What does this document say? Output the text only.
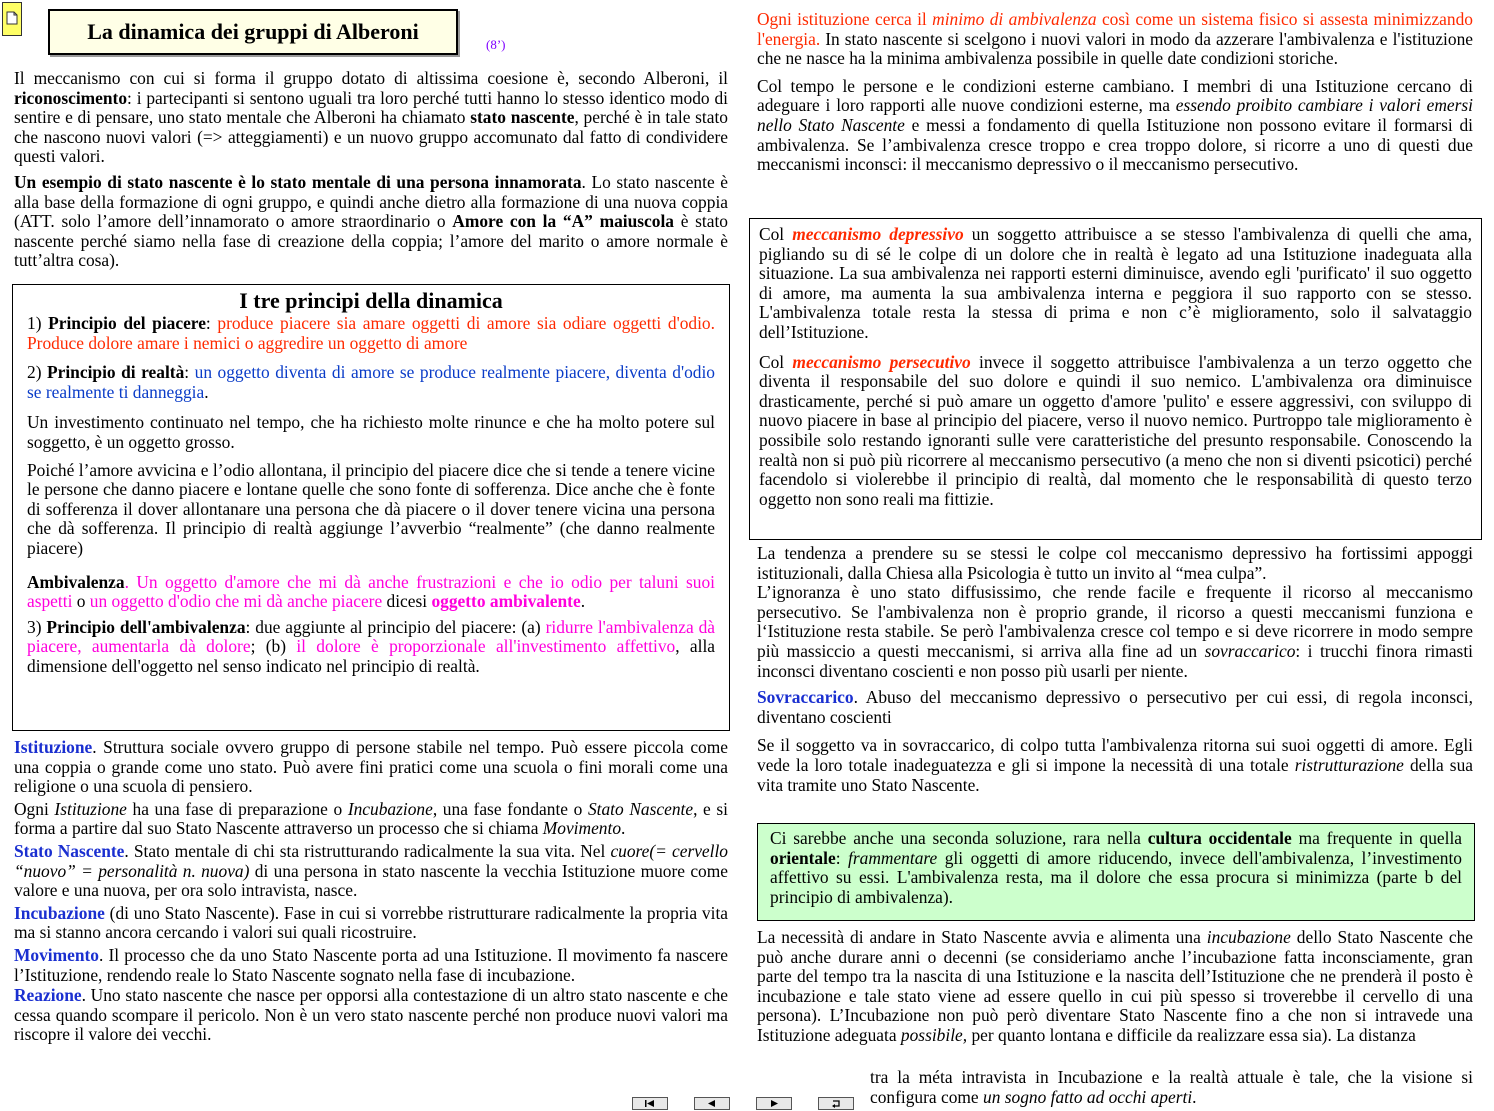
La dinamica dei gruppi di Alberoni
(8’)

Il meccanismo con cui si forma il gruppo dotato di altissima coesione è, secondo Alberoni, il riconoscimento: i partecipanti si sentono uguali tra loro perché tutti hanno lo stesso identico modo di sentire e di pensare, uno stato mentale che Alberoni ha chiamato stato nascente, perché è in tale stato che nascono nuovi valori (=> atteggiamenti) e un nuovo gruppo accomunato dal fatto di condividere questi valori.

Un esempio di stato nascente è lo stato mentale di una persona innamorata. Lo stato nascente è alla base della formazione di ogni gruppo, e quindi anche dietro alla formazione di una nuova coppia (ATT. solo l’amore dell’innamorato o amore straordinario o Amore con la “A” maiuscola è stato nascente perché siamo nella fase di creazione della coppia; l’amore del marito o amore normale è tutt’altra cosa).

I tre principi della dinamica

1) Principio del piacere: produce piacere sia amare oggetti di amore sia odiare oggetti d'odio. Produce dolore amare i nemici o aggredire un oggetto di amore

2) Principio di realtà: un oggetto diventa di amore se produce realmente piacere, diventa d'odio se realmente ti danneggia.

Un investimento continuato nel tempo, che ha richiesto molte rinunce e che ha molto potere sul soggetto, è un oggetto grosso.

Poiché l’amore avvicina e l’odio allontana, il principio del piacere dice che si tende a tenere vicine le persone che danno piacere e lontane quelle che sono fonte di sofferenza. Dice anche che è fonte di sofferenza il dover allontanare una persona che dà piacere o il dover tenere vicina una persona che dà sofferenza. Il principio di realtà aggiunge l’avverbio “realmente” (che danno realmente piacere)

Ambivalenza. Un oggetto d'amore che mi dà anche frustrazioni e che io odio per taluni suoi aspetti o un oggetto d'odio che mi dà anche piacere dicesi oggetto ambivalente.

3) Principio dell'ambivalenza: due aggiunte al principio del piacere: (a) ridurre l'ambivalenza dà piacere, aumentarla dà dolore; (b) il dolore è proporzionale all'investimento affettivo, alla dimensione dell'oggetto nel senso indicato nel principio di realtà.

Istituzione. Struttura sociale ovvero gruppo di persone stabile nel tempo. Può essere piccola come una coppia o grande come uno stato. Può avere fini pratici come una scuola o fini morali come una religione o una scuola di pensiero.

Ogni Istituzione ha una fase di preparazione o Incubazione, una fase fondante o Stato Nascente, e si forma a partire dal suo Stato Nascente attraverso un processo che si chiama Movimento.

Stato Nascente. Stato mentale di chi sta ristrutturando radicalmente la sua vita. Nel cuore(= cervello “nuovo” = personalità n. nuova) di una persona in stato nascente la vecchia Istituzione muore come valore e una nuova, per ora solo intravista, nasce.

Incubazione (di uno Stato Nascente). Fase in cui si vorrebbe ristrutturare radicalmente la propria vita ma si stanno ancora cercando i valori sui quali ricostruire.

Movimento. Il processo che da uno Stato Nascente porta ad una Istituzione. Il movimento fa nascere l’Istituzione, rendendo reale lo Stato Nascente sognato nella fase di incubazione.

Reazione. Uno stato nascente che nasce per opporsi alla contestazione di un altro stato nascente e che cessa quando scompare il pericolo. Non è un vero stato nascente perché non produce nuovi valori ma riscopre il valore dei vecchi.

Ogni istituzione cerca il minimo di ambivalenza così come un sistema fisico si assesta minimizzando l'energia. In stato nascente si scelgono i nuovi valori in modo da azzerare l'ambivalenza e l'istituzione che ne nasce ha la minima ambivalenza possibile in quelle date condizioni storiche.

Col tempo le persone e le condizioni esterne cambiano. I membri di una Istituzione cercano di adeguare i loro rapporti alle nuove condizioni esterne, ma essendo proibito cambiare i valori emersi nello Stato Nascente e messi a fondamento di quella Istituzione non possono evitare il formarsi di ambivalenza. Se l’ambivalenza cresce troppo e crea troppo dolore, si ricorre a uno di questi due meccanismi inconsci: il meccanismo depressivo o il meccanismo persecutivo.

Col meccanismo depressivo un soggetto attribuisce a se stesso l'ambivalenza di quelli che ama, pigliando su di sé le colpe di un dolore che in realtà è legato ad una Istituzione inadeguata alla situazione. La sua ambivalenza nei rapporti esterni diminuisce, avendo egli 'purificato' il suo oggetto di amore, ma aumenta la sua ambivalenza interna e peggiora il suo rapporto con se stesso. L'ambivalenza totale resta la stessa di prima e non c’è miglioramento, solo il salvataggio dell’Istituzione.

Col meccanismo persecutivo invece il soggetto attribuisce l'ambivalenza a un terzo oggetto che diventa il responsabile del suo dolore e quindi il suo nemico. L'ambivalenza ora diminuisce drasticamente, perché si può amare un oggetto d'amore 'pulito' e essere aggressivi, con sviluppo di nuovo piacere in base al principio del piacere, verso il nuovo nemico. Purtroppo tale miglioramento è possibile solo restando ignoranti sulle vere caratteristiche del presunto responsabile. Conoscendo la realtà non si può più ricorrere al meccanismo persecutivo (a meno che non si diventi psicotici) perché facendolo si violerebbe il principio di realtà, dal momento che le responsabilità di questo terzo oggetto non sono reali ma fittizie.

La tendenza a prendere su se stessi le colpe col meccanismo depressivo ha fortissimi appoggi istituzionali, dalla Chiesa alla Psicologia è tutto un invito al “mea culpa”.

L’ignoranza è uno stato diffusissimo, che rende facile e frequente il ricorso al meccanismo persecutivo. Se l'ambivalenza non è proprio grande, il ricorso a questi meccanismi funziona e l‘Istituzione resta stabile. Se però l'ambivalenza cresce col tempo e si deve ricorrere in modo sempre più massiccio a questi meccanismi, si arriva alla fine ad un sovraccarico: i trucchi finora rimasti inconsci diventano coscienti e non posso più usarli per niente.

Sovraccarico. Abuso del meccanismo depressivo o persecutivo per cui essi, di regola inconsci, diventano coscienti

Se il soggetto va in sovraccarico, di colpo tutta l'ambivalenza ritorna sui suoi oggetti di amore. Egli vede la loro totale inadeguatezza e gli si impone la necessità di una totale ristrutturazione della sua vita tramite uno Stato Nascente.

Ci sarebbe anche una seconda soluzione, rara nella cultura occidentale ma frequente in quella orientale: frammentare gli oggetti di amore riducendo, invece dell'ambivalenza, l’investimento affettivo su essi. L'ambivalenza resta, ma il dolore che essa procura si minimizza (parte b del principio di ambivalenza).

La necessità di andare in Stato Nascente avvia e alimenta una incubazione dello Stato Nascente che può anche durare anni o decenni (se consideriamo anche l’incubazione fatta inconsciamente, gran parte del tempo tra la nascita di una Istituzione e la nascita dell’Istituzione che ne prenderà il posto è incubazione e tale stato viene ad essere quello in cui più spesso si troverebbe il cervello di una persona). L’Incubazione non può però diventare Stato Nascente fino a che non si intravede una Istituzione adeguata possibile, per quanto lontana e difficile da realizzare essa sia). La distanza

tra la méta intravista in Incubazione e la realtà attuale è tale, che la visione si configura come un sogno fatto ad occhi aperti.
